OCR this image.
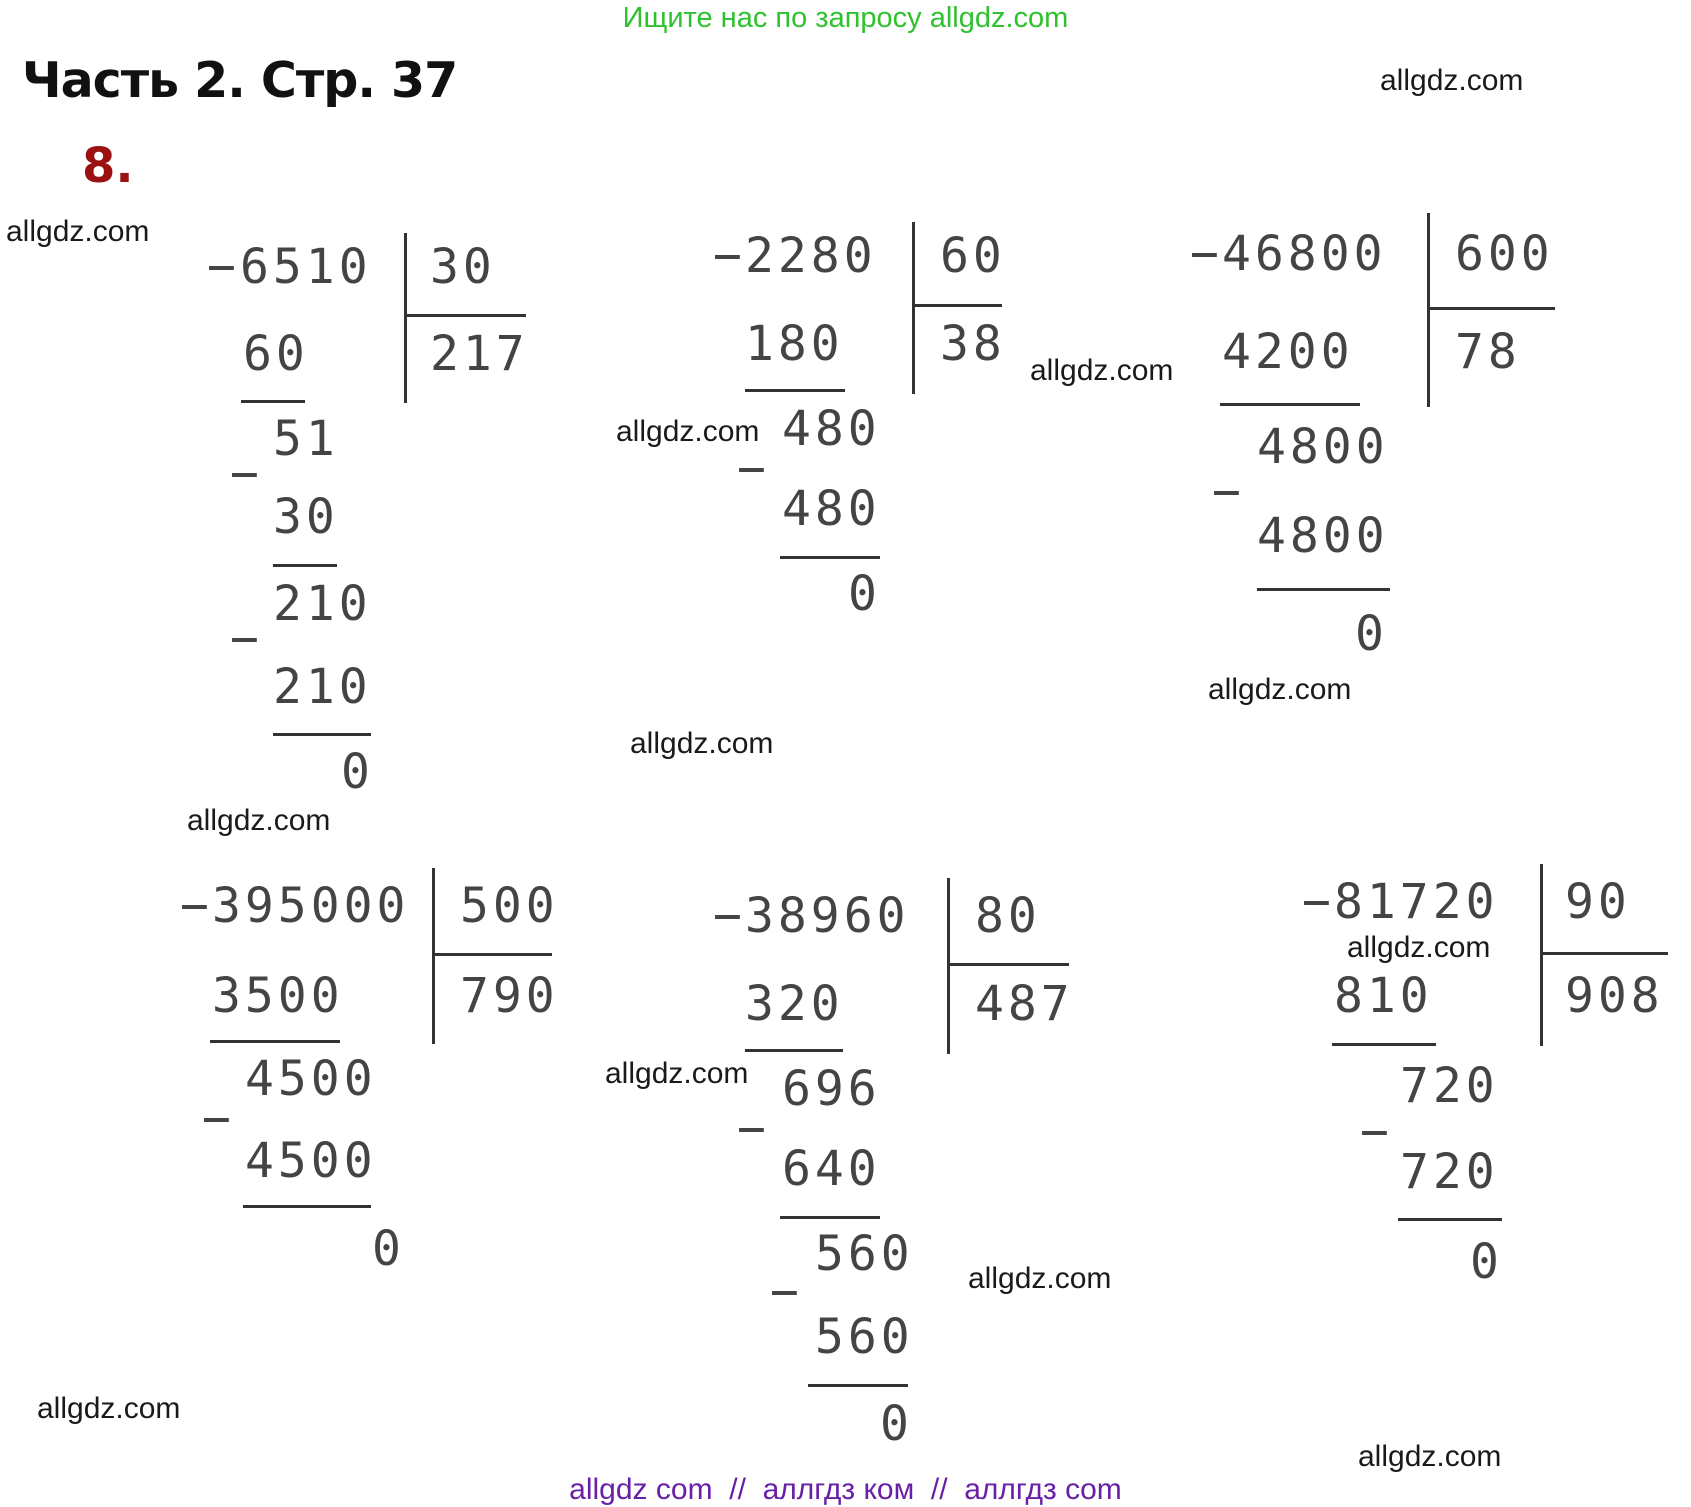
Ищите нас по запросу allgdz.com
Часть 2. Стр. 37
8.
allgdz.com
allgdz.com
allgdz.com
allgdz.com
allgdz.com
allgdz.com
allgdz.com
allgdz.com
allgdz.com
allgdz.com
allgdz.com
allgdz.com
− 6510 30
217
60
−
51
30
−
210
210
0
− 2280 60
38
180
−
480
480
0
− 46800 600
78
4200
−
4800
4800
0
− 395000 500
790
3500
−
4500
4500
0
− 38960 80
487
320
−
696
640
−
560
560
0
− 81720 90
908
810
−
720
720
0
allgdz com  //  аллгдз ком  //  аллгдз com
